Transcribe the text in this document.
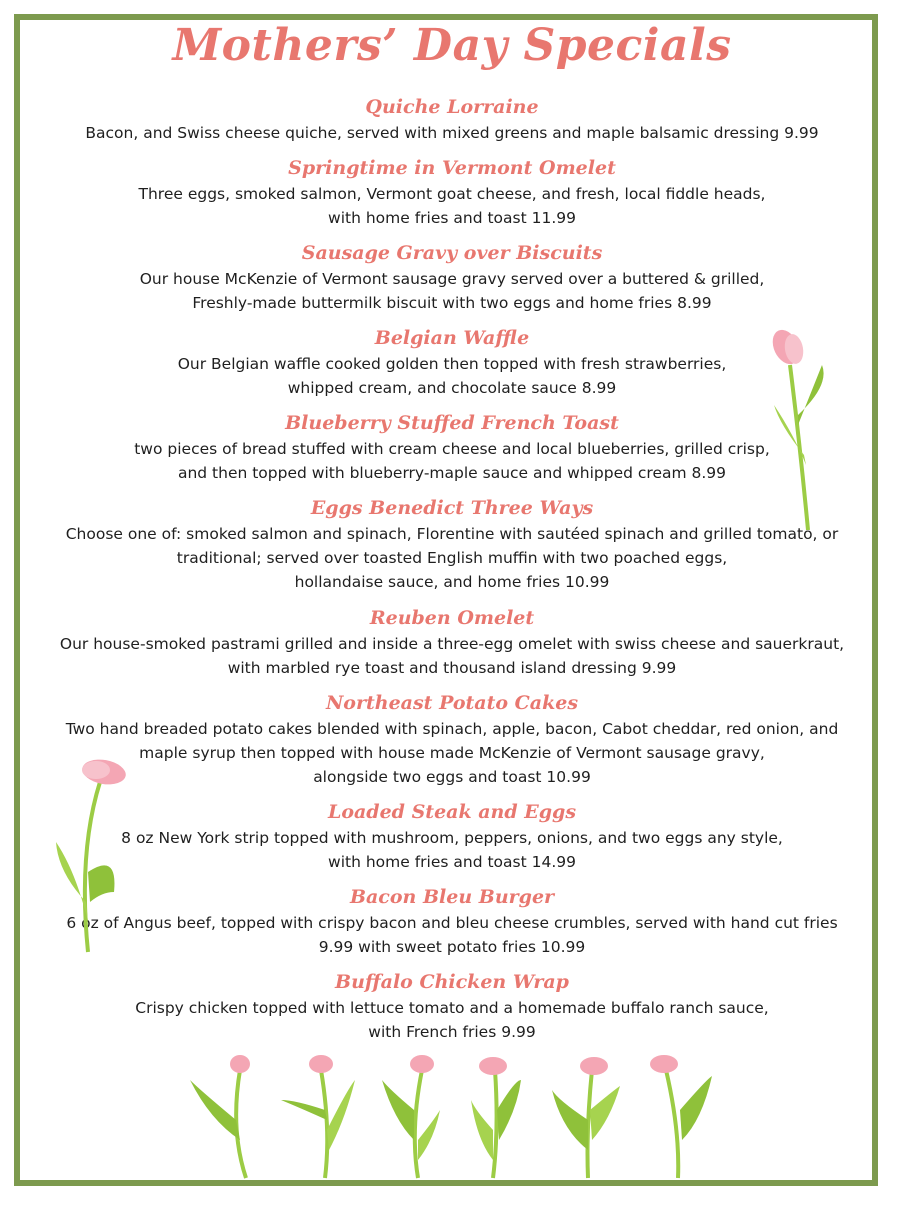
Mothers’ Day Specials

Quiche Lorraine

Bacon, and Swiss cheese quiche, served with mixed greens and maple balsamic dressing 9.99

Springtime in Vermont Omelet

Three eggs, smoked salmon, Vermont goat cheese, and fresh, local fiddle heads,
with home fries and toast 11.99

Sausage Gravy over Biscuits

Our house McKenzie of Vermont sausage gravy served over a buttered & grilled,
Freshly-made buttermilk biscuit with two eggs and home fries 8.99

Belgian Waffle

Our Belgian waffle cooked golden then topped with fresh strawberries,
whipped cream, and chocolate sauce 8.99

Blueberry Stuffed French Toast

two pieces of bread stuffed with cream cheese and local blueberries, grilled crisp,
and then topped with blueberry-maple sauce and whipped cream 8.99

Eggs Benedict Three Ways

Choose one of: smoked salmon and spinach, Florentine with sautéed spinach and grilled tomato, or
traditional; served over toasted English muffin with two poached eggs,
hollandaise sauce, and home fries 10.99

Reuben Omelet

Our house-smoked pastrami grilled and inside a three-egg omelet with swiss cheese and sauerkraut,
with marbled rye toast and thousand island dressing 9.99

Northeast Potato Cakes

Two hand breaded potato cakes blended with spinach, apple, bacon, Cabot cheddar, red onion, and
maple syrup then topped with house made McKenzie of Vermont sausage gravy,
alongside two eggs and toast 10.99

Loaded Steak and Eggs

8 oz New York strip topped with mushroom, peppers, onions, and two eggs any style,
with home fries and toast 14.99

Bacon Bleu Burger

6 oz of Angus beef, topped with crispy bacon and bleu cheese crumbles, served with hand cut fries
9.99 with sweet potato fries 10.99

Buffalo Chicken Wrap

Crispy chicken topped with lettuce tomato and a homemade buffalo ranch sauce,
with French fries 9.99
